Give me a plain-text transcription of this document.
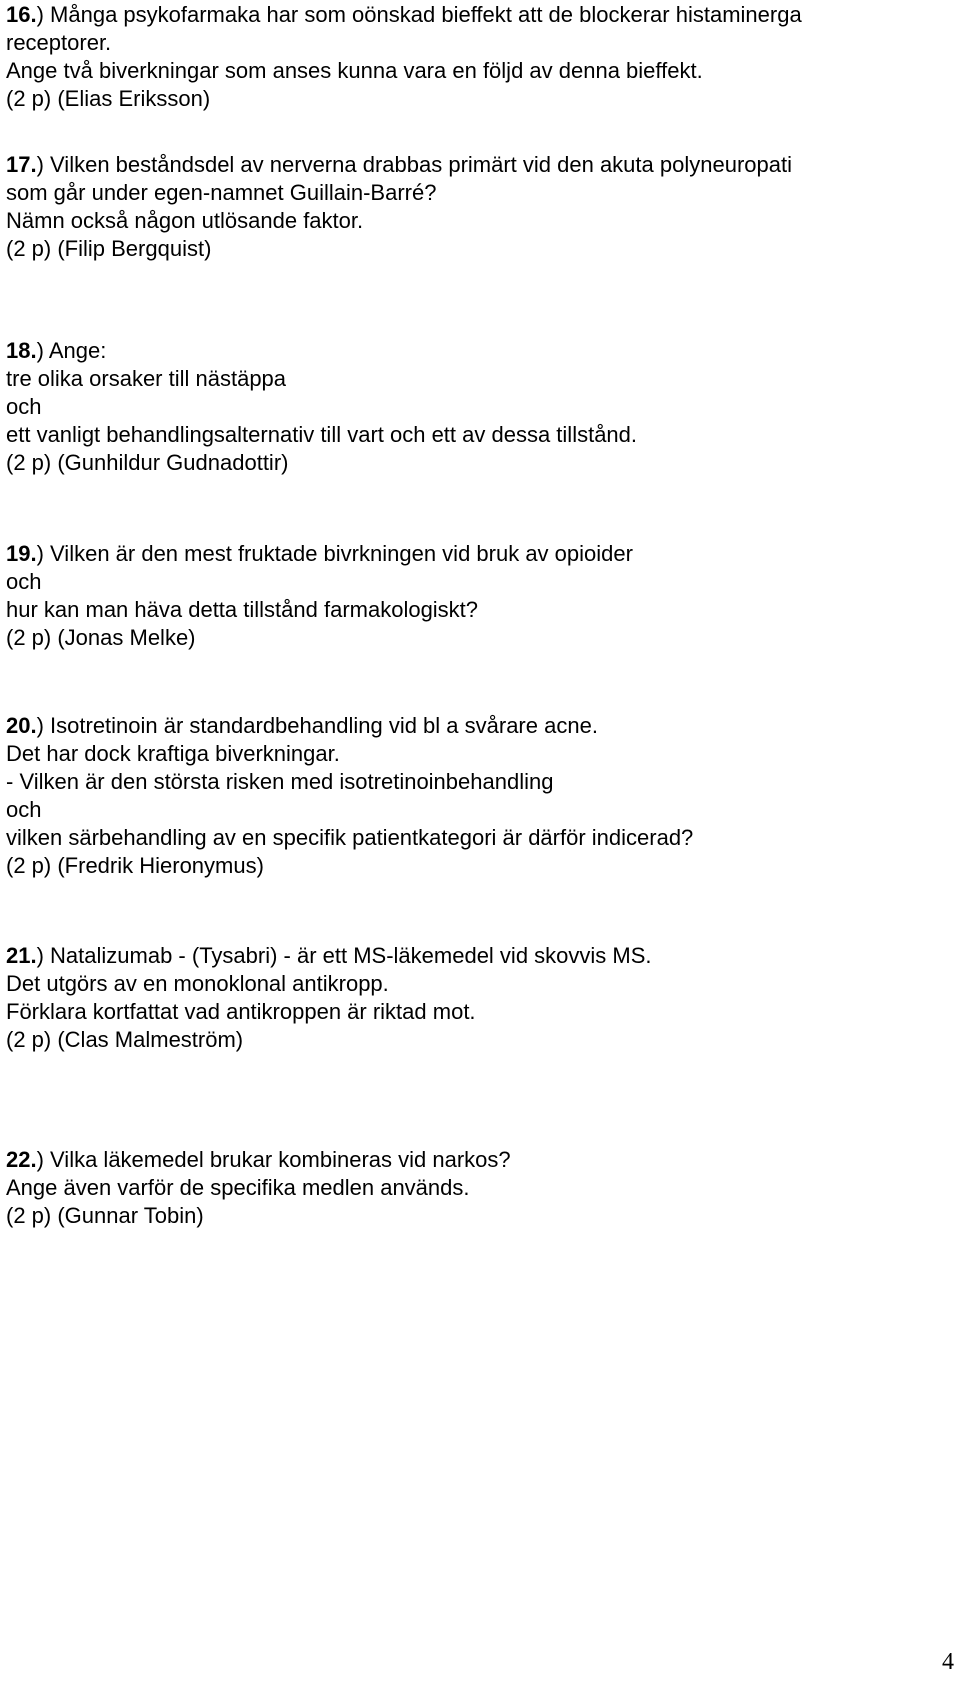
16.) Många psykofarmaka har som oönskad bieffekt att de blockerar histaminerga
receptorer.
Ange två biverkningar som anses kunna vara en följd av denna bieffekt.
(2 p) (Elias Eriksson)
17.) Vilken beståndsdel av nerverna drabbas primärt vid den akuta polyneuropati
som går under egen-namnet Guillain-Barré?
Nämn också någon utlösande faktor.
(2 p) (Filip Bergquist)
18.) Ange:
tre olika orsaker till nästäppa
och
ett vanligt behandlingsalternativ till vart och ett av dessa tillstånd.
(2 p) (Gunhildur Gudnadottir)
19.) Vilken är den mest fruktade bivrkningen vid bruk av opioider
och
hur kan man häva detta tillstånd farmakologiskt?
(2 p) (Jonas Melke)
20.) Isotretinoin är standardbehandling vid bl a svårare acne.
Det har dock kraftiga biverkningar.
- Vilken är den största risken med isotretinoinbehandling
och
vilken särbehandling av en specifik patientkategori är därför indicerad?
(2 p) (Fredrik Hieronymus)
21.) Natalizumab - (Tysabri) - är ett MS-läkemedel vid skovvis MS.
Det utgörs av en monoklonal antikropp.
Förklara kortfattat vad antikroppen är riktad mot.
(2 p) (Clas Malmeström)
22.) Vilka läkemedel brukar kombineras vid narkos?
Ange även varför de specifika medlen används.
(2 p) (Gunnar Tobin)
4
